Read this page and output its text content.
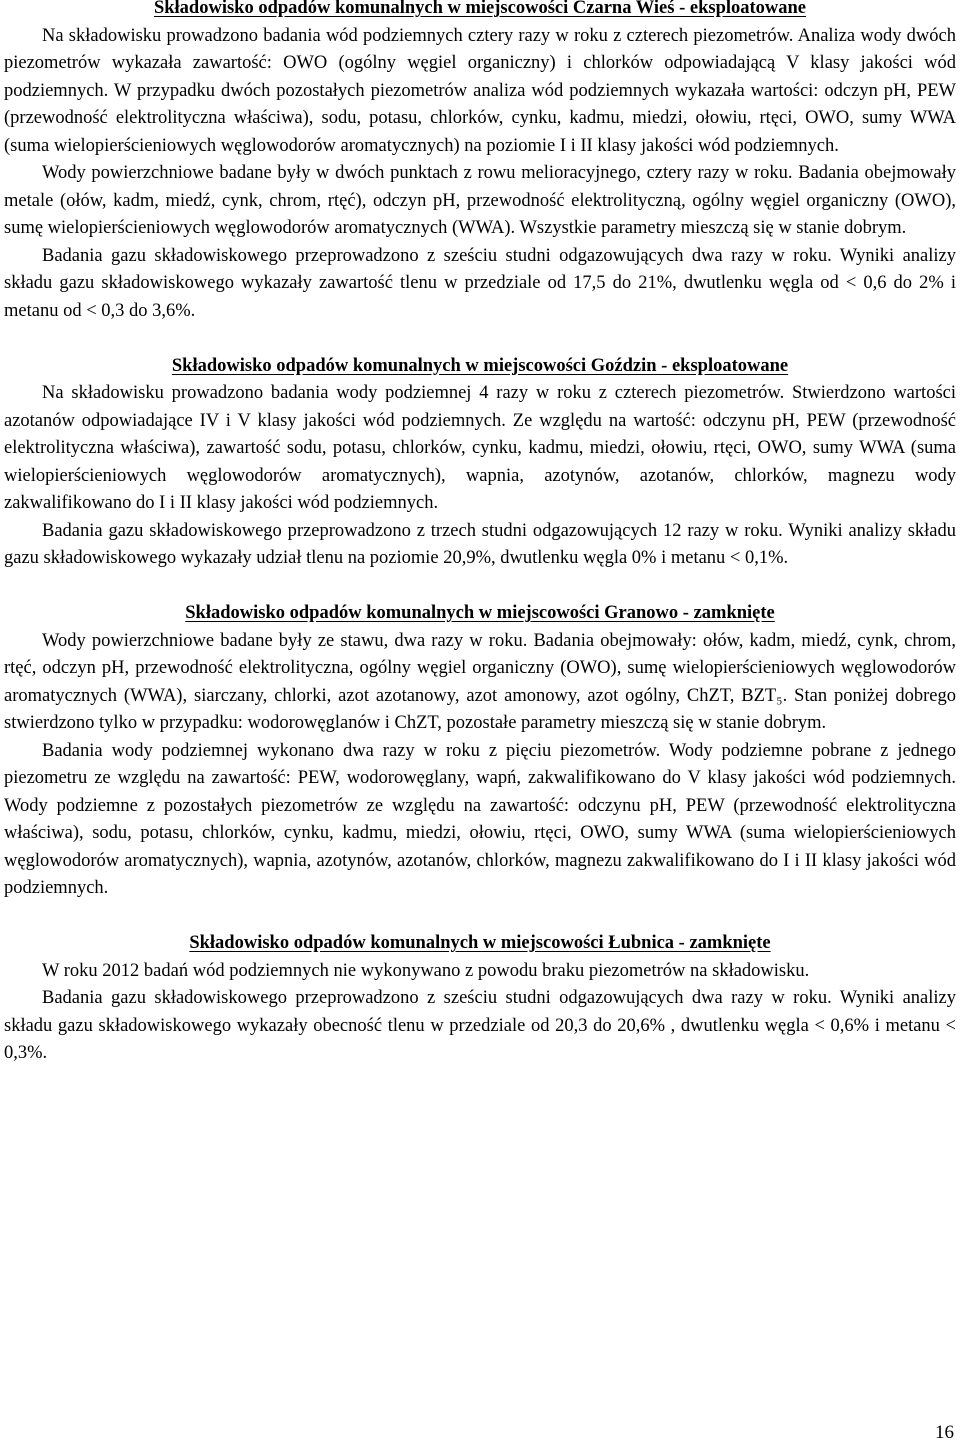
Składowisko odpadów komunalnych w miejscowości Czarna Wieś - eksploatowane

Na składowisku prowadzono badania wód podziemnych cztery razy w roku z czterech piezometrów. Analiza wody dwóch piezometrów wykazała zawartość: OWO (ogólny węgiel organiczny) i chlorków odpowiadającą V klasy jakości wód podziemnych. W przypadku dwóch pozostałych piezometrów analiza wód podziemnych wykazała wartości: odczyn pH, PEW (przewodność elektrolityczna właściwa), sodu, potasu, chlorków, cynku, kadmu, miedzi, ołowiu, rtęci, OWO, sumy WWA (suma wielopierścieniowych węglowodorów aromatycznych) na poziomie I i II klasy jakości wód podziemnych.

Wody powierzchniowe badane były w dwóch punktach z rowu melioracyjnego, cztery razy w roku. Badania obejmowały metale (ołów, kadm, miedź, cynk, chrom, rtęć), odczyn pH, przewodność elektrolityczną, ogólny węgiel organiczny (OWO), sumę wielopierścieniowych węglowodorów aromatycznych (WWA). Wszystkie parametry mieszczą się w stanie dobrym.

Badania gazu składowiskowego przeprowadzono z sześciu studni odgazowujących dwa razy w roku. Wyniki analizy składu gazu składowiskowego wykazały zawartość tlenu w przedziale od 17,5 do 21%, dwutlenku węgla od < 0,6 do 2% i metanu od < 0,3 do 3,6%.

Składowisko odpadów komunalnych w miejscowości Goździn - eksploatowane

Na składowisku prowadzono badania wody podziemnej 4 razy w roku z czterech piezometrów. Stwierdzono wartości azotanów odpowiadające IV i V klasy jakości wód podziemnych. Ze względu na wartość: odczynu pH, PEW (przewodność elektrolityczna właściwa), zawartość sodu, potasu, chlorków, cynku, kadmu, miedzi, ołowiu, rtęci, OWO, sumy WWA (suma wielopierścieniowych węglowodorów aromatycznych), wapnia, azotynów, azotanów, chlorków, magnezu wody zakwalifikowano do I i II klasy jakości wód podziemnych.

Badania gazu składowiskowego przeprowadzono z trzech studni odgazowujących 12 razy w roku. Wyniki analizy składu gazu składowiskowego wykazały udział tlenu na poziomie 20,9%, dwutlenku węgla 0% i metanu < 0,1%.

Składowisko odpadów komunalnych w miejscowości Granowo - zamknięte

Wody powierzchniowe badane były ze stawu, dwa razy w roku. Badania obejmowały: ołów, kadm, miedź, cynk, chrom, rtęć, odczyn pH, przewodność elektrolityczna, ogólny węgiel organiczny (OWO), sumę wielopierścieniowych węglowodorów aromatycznych (WWA), siarczany, chlorki, azot azotanowy, azot amonowy, azot ogólny, ChZT, BZT₅. Stan poniżej dobrego stwierdzono tylko w przypadku: wodorowęglanów i ChZT, pozostałe parametry mieszczą się w stanie dobrym.

Badania wody podziemnej wykonano dwa razy w roku z pięciu piezometrów. Wody podziemne pobrane z jednego piezometru ze względu na zawartość: PEW, wodorowęglany, wapń, zakwalifikowano do V klasy jakości wód podziemnych. Wody podziemne z pozostałych piezometrów ze względu na zawartość: odczynu pH, PEW (przewodność elektrolityczna właściwa), sodu, potasu, chlorków, cynku, kadmu, miedzi, ołowiu, rtęci, OWO, sumy WWA (suma wielopierścieniowych węglowodorów aromatycznych), wapnia, azotynów, azotanów, chlorków, magnezu zakwalifikowano do I i II klasy jakości wód podziemnych.

Składowisko odpadów komunalnych w miejscowości Łubnica - zamknięte

W roku 2012 badań wód podziemnych nie wykonywano z powodu braku piezometrów na składowisku.

Badania gazu składowiskowego przeprowadzono z sześciu studni odgazowujących dwa razy w roku. Wyniki analizy składu gazu składowiskowego wykazały obecność tlenu w przedziale od 20,3 do 20,6% , dwutlenku węgla < 0,6% i metanu < 0,3%.

16
